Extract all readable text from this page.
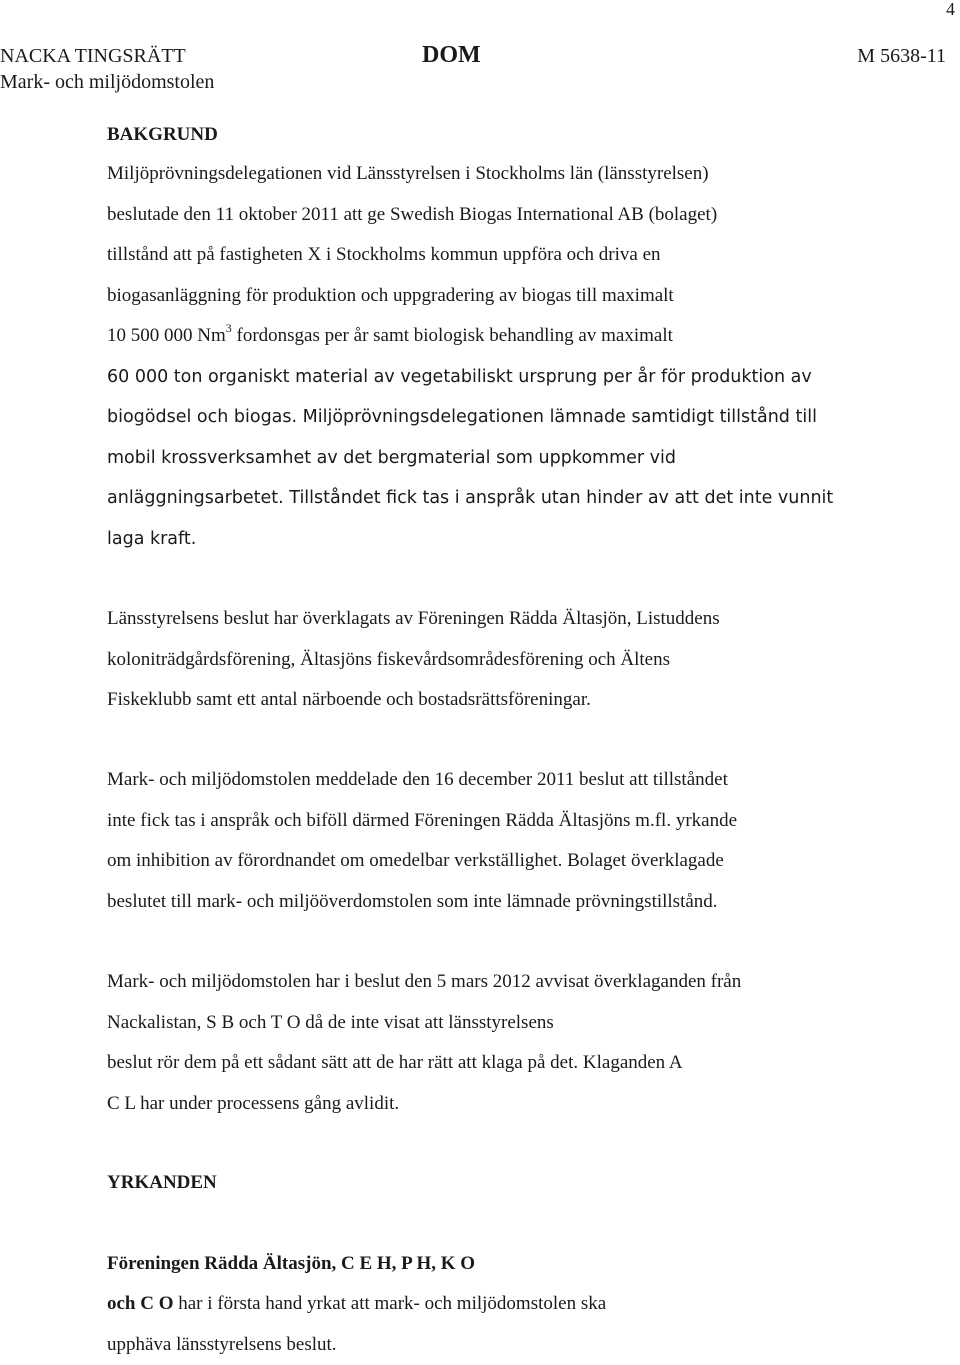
4
NACKA TINGSRÄTT
Mark- och miljödomstolen
DOM	M 5638-11
BAKGRUND

Miljöprövningsdelegationen vid Länsstyrelsen i Stockholms län (länsstyrelsen)

beslutade den 11 oktober 2011 att ge Swedish Biogas International AB (bolaget)

tillstånd att på fastigheten X i Stockholms kommun uppföra och driva en

biogasanläggning för produktion och uppgradering av biogas till maximalt

10 500 000 Nm$^3$ fordonsgas per år samt biologisk behandling av maximalt

60 000 ton organiskt material av vegetabiliskt ursprung per år för produktion av

biogödsel och biogas. Miljöprövningsdelegationen lämnade samtidigt tillstånd till

mobil krossverksamhet av det bergmaterial som uppkommer vid

anläggningsarbetet. Tillståndet fick tas i anspråk utan hinder av att det inte vunnit

laga kraft.

Länsstyrelsens beslut har överklagats av Föreningen Rädda Ältasjön, Listuddens

koloniträdgårdsförening, Ältasjöns fiskevårdsområdesförening och Ältens

Fiskeklubb samt ett antal närboende och bostadsrättsföreningar.

Mark- och miljödomstolen meddelade den 16 december 2011 beslut att tillståndet

inte fick tas i anspråk och biföll därmed Föreningen Rädda Ältasjöns m.fl. yrkande

om inhibition av förordnandet om omedelbar verkställighet. Bolaget överklagade

beslutet till mark- och miljööverdomstolen som inte lämnade prövningstillstånd.

Mark- och miljödomstolen har i beslut den 5 mars 2012 avvisat överklaganden från

Nackalistan, S B och T O då de inte visat att länsstyrelsens

beslut rör dem på ett sådant sätt att de har rätt att klaga på det. Klaganden A

C L har under processens gång avlidit.

YRKANDEN
Föreningen Rädda Ältasjön, C E H, P H, K O

och C O har i första hand yrkat att mark- och miljödomstolen ska

upphäva länsstyrelsens beslut.
